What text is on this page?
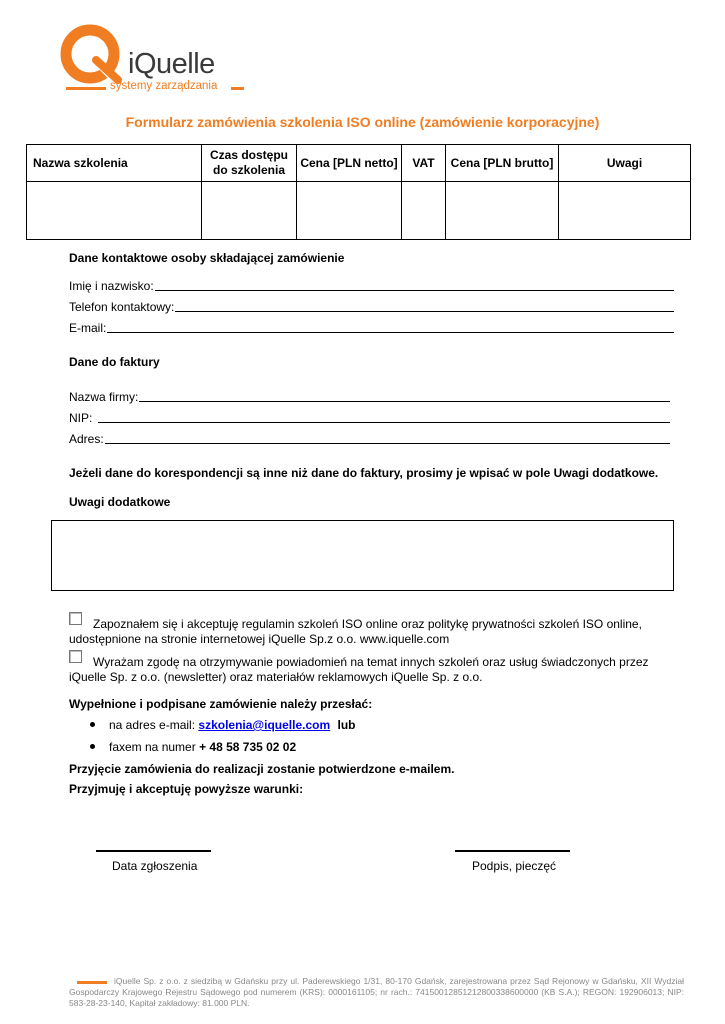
iQuelle
systemy zarządzania
Formularz zamówienia szkolenia ISO online (zamówienie korporacyjne)
Nazwa szkolenia	Czas dostępu do szkolenia	Cena [PLN netto]	VAT	Cena [PLN brutto]	Uwagi

Dane kontaktowe osoby składającej zamówienie
Imię i nazwisko:
Telefon kontaktowy:
E-mail:
Dane do faktury
Nazwa firmy:
NIP:
Adres:
Jeżeli dane do korespondencji są inne niż dane do faktury, prosimy je wpisać w pole Uwagi dodatkowe.
Uwagi dodatkowe
Zapoznałem się i akceptuję regulamin szkoleń ISO online oraz politykę prywatności szkoleń ISO online, udostępnione na stronie internetowej iQuelle Sp.z o.o. www.iquelle.com
Wyrażam zgodę na otrzymywanie powiadomień na temat innych szkoleń oraz usług świadczonych przez iQuelle Sp. z o.o. (newsletter) oraz materiałów reklamowych iQuelle Sp. z o.o.
Wypełnione i podpisane zamówienie należy przesłać:
na adres e-mail: szkolenia@iquelle.com lub
faxem na numer + 48 58 735 02 02
Przyjęcie zamówienia do realizacji zostanie potwierdzone e-mailem.
Przyjmuję i akceptuję powyższe warunki:
Data zgłoszenia	Podpis, pieczęć
iQuelle Sp. z o.o. z siedzibą w Gdańsku przy ul. Paderewskiego 1/31, 80-170 Gdańsk, zarejestrowana przez Sąd Rejonowy w Gdańsku, XII Wydział Gospodarczy Krajowego Rejestru Sądowego pod numerem (KRS): 0000161105; nr rach.: 74150012851212800338600000 (KB S.A.); REGON: 192906013; NIP: 583-28-23-140, Kapitał zakładowy: 81.000 PLN.
